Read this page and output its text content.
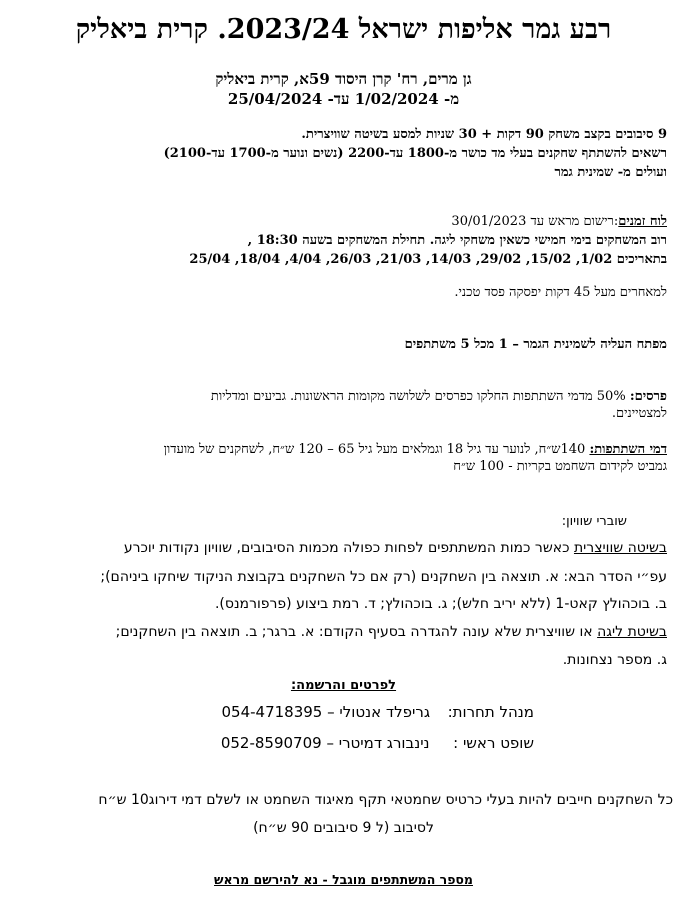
רבע גמר אליפות ישראל 2023/24. קרית ביאליק
גן מרים, רח' קרן היסוד 59א, קרית ביאליק
מ- 1/02/2024 עד- 25/04/2024
9 סיבובים בקצב משחק 90 דקות + 30 שניות למסע בשיטה שוויצרית.
רשאים להשתתף שחקנים בעלי מד כושר מ-1800 עד-2200 (נשים ונוער מ-1700 עד-2100)
ועולים מ- שמינית גמר
לוח זמנים:רישום מראש עד 30/01/2023
רוב המשחקים בימי חמישי כשאין משחקי ליגה. תחילת המשחקים בשעה 18:30 ,
בתאריכים 1/02, 15/02, 29/02, 14/03, 21/03, 26/03, 4/04, 18/04, 25/04
למאחרים מעל 45 דקות יפסקה פסד טכני.
מפתח העליה לשמינית הגמר – 1 מכל 5 משתתפים
פרסים: 50% מדמי השתתפות החלקו כפרסים לשלושה מקומות הראשונות. גביעים ומדליות
למצטיינים.
דמי השתתפות: 140ש״ח, לנוער עד גיל 18 וגמלאים מעל גיל 65 – 120 ש״ח, לשחקנים של מועדון
גמביט לקידום השחמט בקריות - 100 ש״ח
שוברי שוויון:
בשיטה שוויצרית כאשר כמות המשתתפים לפחות כפולה מכמות הסיבובים, שוויון נקודות יוכרע
עפ״י הסדר הבא: א. תוצאה בין השחקנים (רק אם כל השחקנים בקבוצת הניקוד שיחקו ביניהם);
ב. בוכהולץ קאט-1 (ללא יריב חלש); ג. בוכהולץ; ד. רמת ביצוע (פרפורמנס).
בשיטת ליגה או שוויצרית שלא עונה להגדרה בסעיף הקודם: א. ברגר; ב. תוצאה בין השחקנים;
ג. מספר נצחונות.
לפרטים והרשמה:
מנהל תחרות:  גריפלד אנטולי – 054-4718395
שופט ראשי :  נינבורג דמיטרי – 052-8590709
כל השחקנים חייבים להיות בעלי כרטיס שחמטאי תקף מאיגוד השחמט או לשלם דמי דירוג10 ש״ח
לסיבוב (ל 9 סיבובים 90 ש״ח)
מספר המשתתפים מוגבל - נא להירשם מראש
